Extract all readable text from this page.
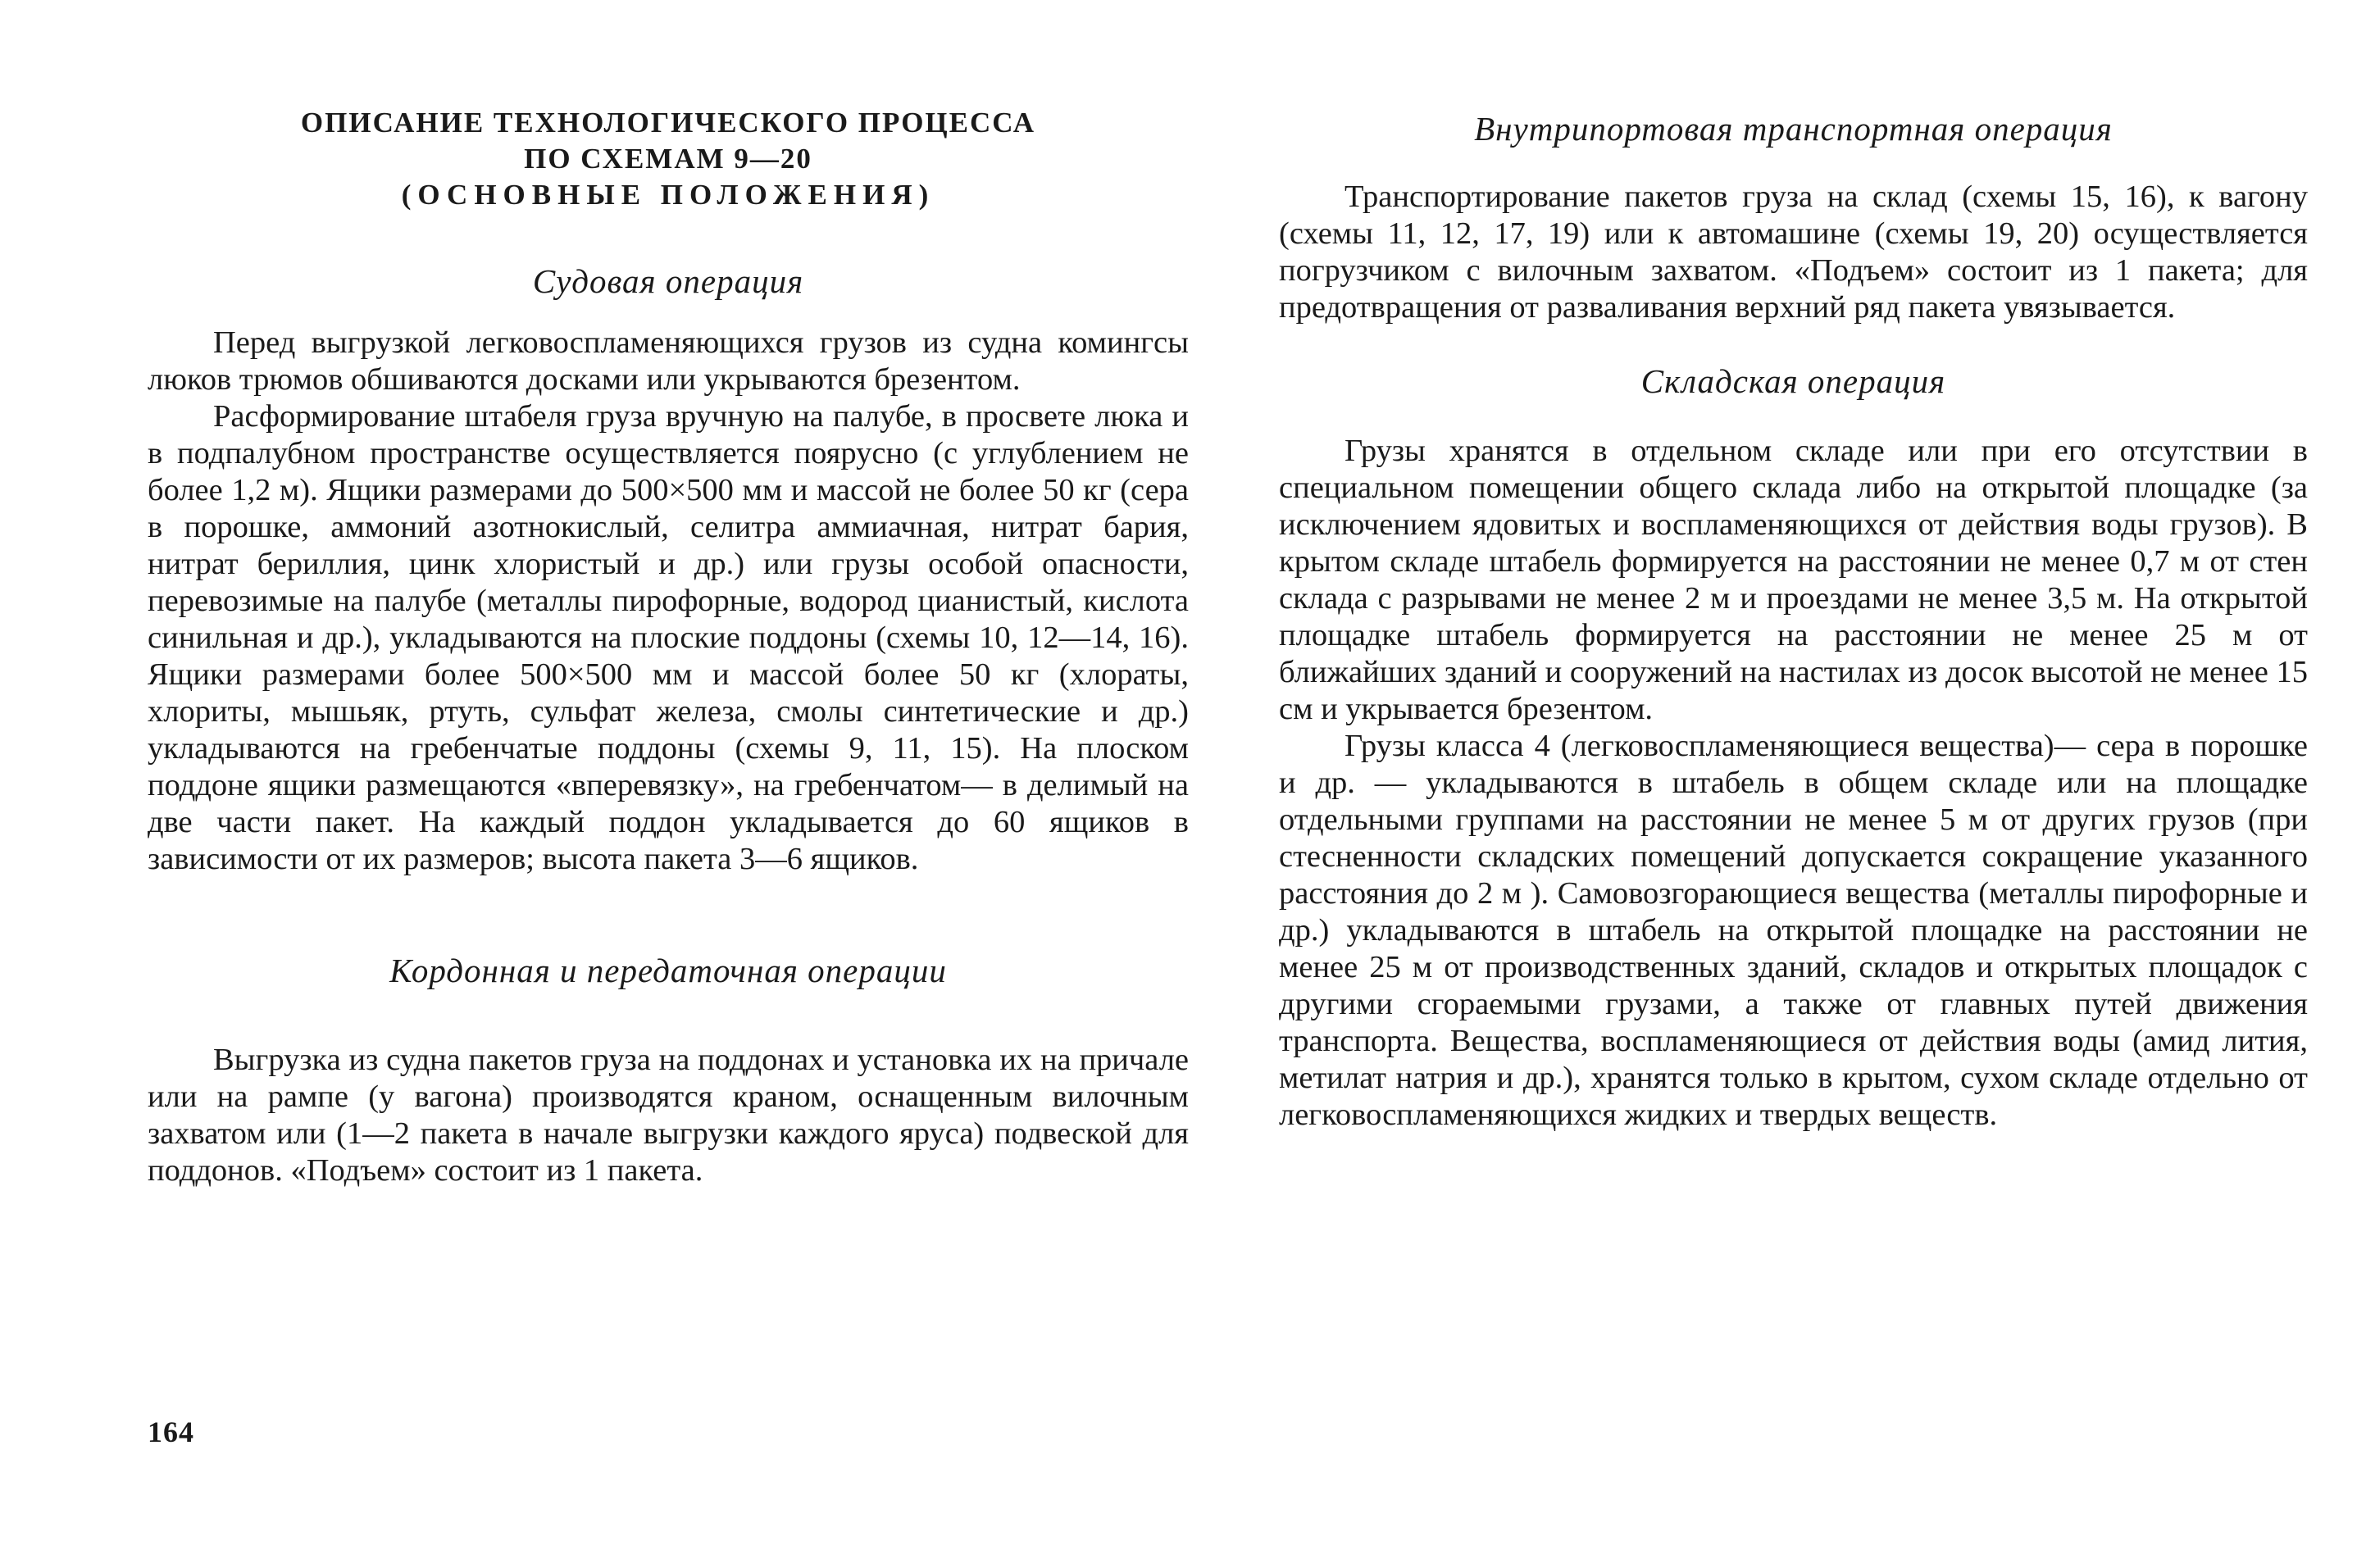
ОПИСАНИЕ ТЕХНОЛОГИЧЕСКОГО ПРОЦЕССА
ПО СХЕМАМ 9—20
(ОСНОВНЫЕ ПОЛОЖЕНИЯ)
Судовая операция

Перед выгрузкой легковоспламеняющихся грузов из судна комингсы люков трюмов обшиваются досками или укрываются брезентом.

Расформирование штабеля груза вручную на палубе, в просвете люка и в подпалубном пространстве осуществляется поярусно (с углублением не более 1,2 м). Ящики размерами до 500×500 мм и массой не более 50 кг (сера в порошке, аммоний азотнокислый, селитра аммиачная, нитрат бария, нитрат бериллия, цинк хлористый и др.) или грузы особой опасности, перевозимые на палубе (металлы пирофорные, водород цианистый, кислота синильная и др.), укладываются на плоские поддоны (схемы 10, 12—14, 16). Ящики размерами более 500×500 мм и массой более 50 кг (хлораты, хлориты, мышьяк, ртуть, сульфат железа, смолы синтетические и др.) укладываются на гребенчатые поддоны (схемы 9, 11, 15). На плоском поддоне ящики размещаются «вперевязку», на гребенчатом— в делимый на две части пакет. На каждый поддон укладывается до 60 ящиков в зависимости от их размеров; высота пакета 3—6 ящиков.

Кордонная и передаточная операции

Выгрузка из судна пакетов груза на поддонах и установка их на причале или на рампе (у вагона) производятся краном, оснащенным вилочным захватом или (1—2 пакета в начале выгрузки каждого яруса) подвеской для поддонов. «Подъем» состоит из 1 пакета.

164
Внутрипортовая транспортная операция

Транспортирование пакетов груза на склад (схемы 15, 16), к вагону (схемы 11, 12, 17, 19) или к автомашине (схемы 19, 20) осуществляется погрузчиком с вилочным захватом. «Подъем» состоит из 1 пакета; для предотвращения от разваливания верхний ряд пакета увязывается.

Складская операция

Грузы хранятся в отдельном складе или при его отсутствии в специальном помещении общего склада либо на открытой площадке (за исключением ядовитых и воспламеняющихся от действия воды грузов). В крытом складе штабель формируется на расстоянии не менее 0,7 м от стен склада с разрывами не менее 2 м и проездами не менее 3,5 м. На открытой площадке штабель формируется на расстоянии не менее 25 м от ближайших зданий и сооружений на настилах из досок высотой не менее 15 см и укрывается брезентом.

Грузы класса 4 (легковоспламеняющиеся вещества)— сера в порошке и др. — укладываются в штабель в общем складе или на площадке отдельными группами на расстоянии не менее 5 м от других грузов (при стесненности складских помещений допускается сокращение указанного расстояния до 2 м ). Самовозгорающиеся вещества (металлы пирофорные и др.) укладываются в штабель на открытой площадке на расстоянии не менее 25 м от производственных зданий, складов и открытых площадок с другими сгораемыми грузами, а также от главных путей движения транспорта. Вещества, воспламеняющиеся от действия воды (амид лития, метилат натрия и др.), хранятся только в крытом, сухом складе отдельно от легковоспламеняющихся жидких и твердых веществ.
